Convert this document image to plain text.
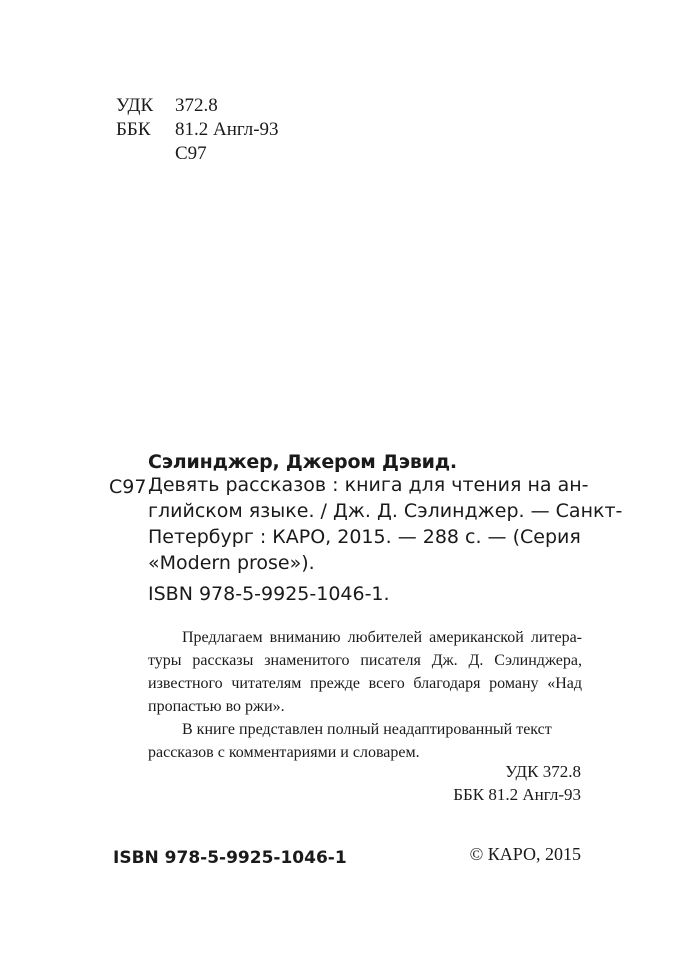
УДК 372.8
ББК 81.2 Англ-93
С97
Сэлинджер, Джером Дэвид.
С97 Девять рассказов : книга для чтения на ан-
глийском языке. / Дж. Д. Сэлинджер. — Санкт-
Петербург : КАРО, 2015. — 288 с. — (Серия
«Modern prose»).
ISBN 978-5-9925-1046-1.
Предлагаем вниманию любителей американской литера-
туры рассказы знаменитого писателя Дж. Д. Сэлинджера,
известного читателям прежде всего благодаря роману «Над
пропастью во ржи».
В книге представлен полный неадаптированный текст
рассказов с комментариями и словарем.
УДК 372.8
ББК 81.2 Англ-93
ISBN 978-5-9925-1046-1	© КАРО, 2015
